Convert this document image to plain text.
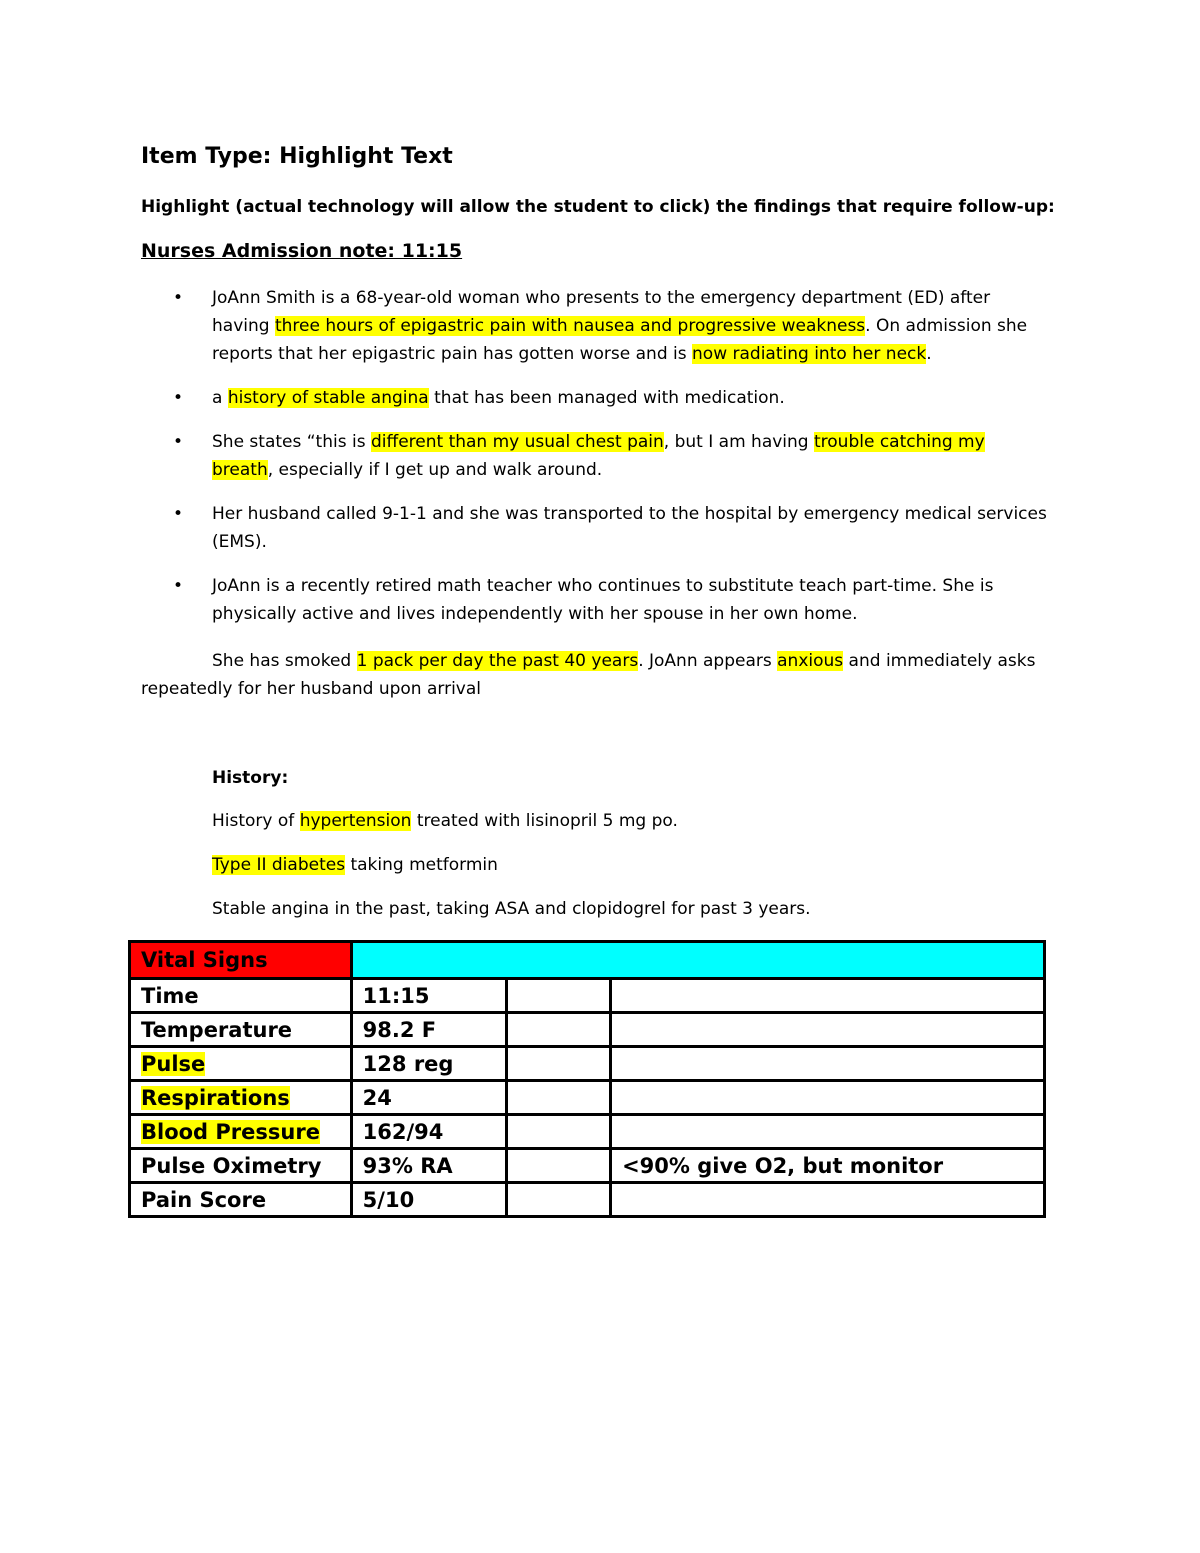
Item Type: Highlight Text
Highlight (actual technology will allow the student to click) the findings that require follow-up:
Nurses Admission note: 11:15
• JoAnn Smith is a 68-year-old woman who presents to the emergency department (ED) after having three hours of epigastric pain with nausea and progressive weakness. On admission she reports that her epigastric pain has gotten worse and is now radiating into her neck.
• a history of stable angina that has been managed with medication.
• She states “this is different than my usual chest pain, but I am having trouble catching my breath, especially if I get up and walk around.
• Her husband called 9-1-1 and she was transported to the hospital by emergency medical services (EMS).
• JoAnn is a recently retired math teacher who continues to substitute teach part-time. She is physically active and lives independently with her spouse in her own home.
She has smoked 1 pack per day the past 40 years. JoAnn appears anxious and immediately asks repeatedly for her husband upon arrival
History:
History of hypertension treated with lisinopril 5 mg po.
Type II diabetes taking metformin
Stable angina in the past, taking ASA and clopidogrel for past 3 years.
Vital Signs			
Time	11:15		
Temperature	98.2 F		
Pulse	128 reg		
Respirations	24		
Blood Pressure	162/94		
Pulse Oximetry	93% RA		<90% give O2, but monitor
Pain Score	5/10		
